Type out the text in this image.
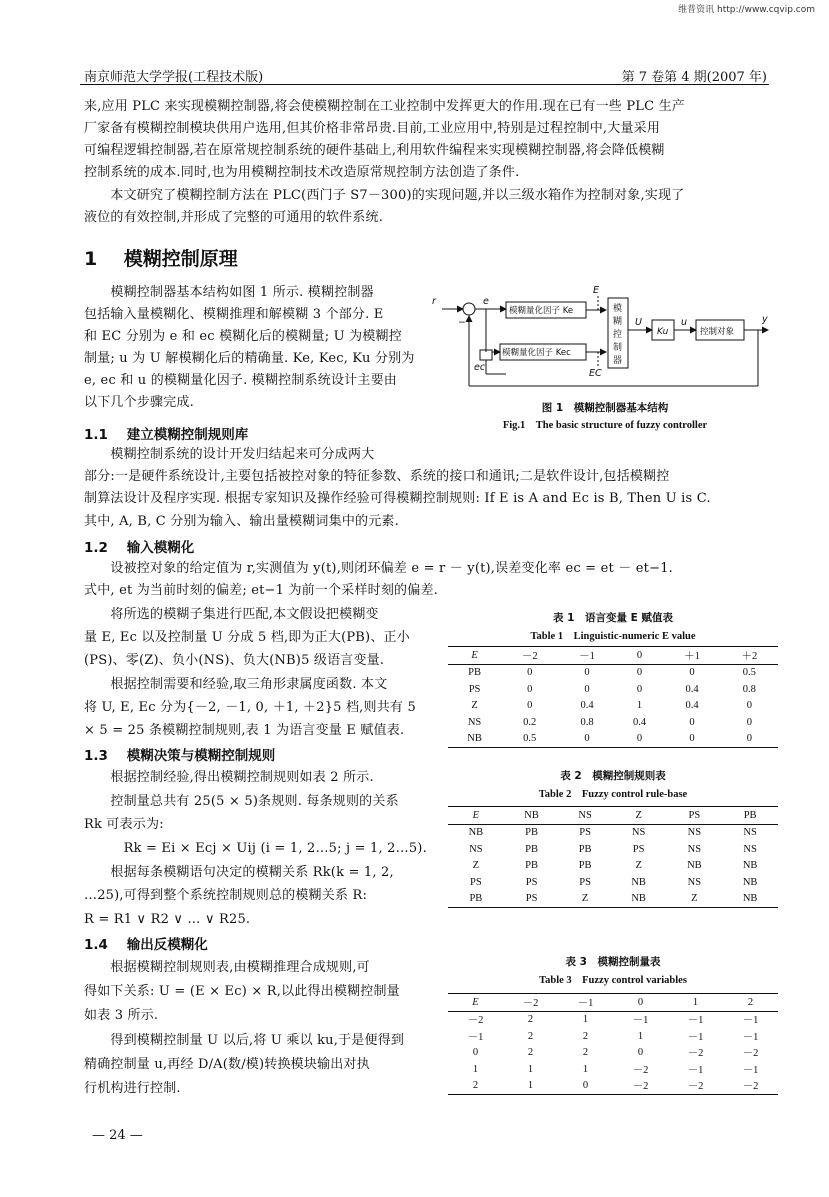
维普资讯 http://www.cqvip.com
南京师范大学学报(工程技术版)	第 7 卷第 4 期(2007 年)
来,应用 PLC 来实现模糊控制器,将会使模糊控制在工业控制中发挥更大的作用.现在已有一些 PLC 生产
厂家备有模糊控制模块供用户选用,但其价格非常昂贵.目前,工业应用中,特别是过程控制中,大量采用
可编程逻辑控制器,若在原常规控制系统的硬件基础上,利用软件编程来实现模糊控制器,将会降低模糊
控制系统的成本.同时,也为用模糊控制技术改造原常规控制方法创造了条件.
　　本文研究了模糊控制方法在 PLC(西门子 S7－300)的实现问题,并以三级水箱作为控制对象,实现了
液位的有效控制,并形成了完整的可通用的软件系统.
1 模糊控制原理
　　模糊控制器基本结构如图 1 所示. 模糊控制器
包括输入量模糊化、模糊推理和解模糊 3 个部分. E
和 EC 分别为 e 和 ec 模糊化后的模糊量; U 为模糊控
制量; u 为 U 解模糊化后的精确量. Ke, Kec, Ku 分别为
e, ec 和 u 的模糊量化因子. 模糊控制系统设计主要由
以下几个步骤完成.
r	e
−
ec
E
EC
U	u	y
模糊量化因子 Ke
模糊量化因子 Kec
Ku	控制对象
模
糊
控
制
器
图 1　模糊控制器基本结构
Fig.1　The basic structure of fuzzy controller
1.1 建立模糊控制规则库
　　模糊控制系统的设计开发归结起来可分成两大
部分:一是硬件系统设计,主要包括被控对象的特征参数、系统的接口和通讯;二是软件设计,包括模糊控
制算法设计及程序实现. 根据专家知识及操作经验可得模糊控制规则: If E is A and Ec is B, Then U is C.
其中, A, B, C 分别为输入、输出量模糊词集中的元素.
1.2 输入模糊化
　　设被控对象的给定值为 r,实测值为 y(t),则闭环偏差 e = r － y(t),误差变化率 ec = et － et−1.
式中, et 为当前时刻的偏差; et−1 为前一个采样时刻的偏差.
　　将所选的模糊子集进行匹配,本文假设把模糊变
量 E, Ec 以及控制量 U 分成 5 档,即为正大(PB)、正小
(PS)、零(Z)、负小(NS)、负大(NB)5 级语言变量.
　　根据控制需要和经验,取三角形隶属度函数. 本文
将 U, E, Ec 分为{－2, －1, 0, ＋1, ＋2}5 档,则共有 5
× 5 = 25 条模糊控制规则,表 1 为语言变量 E 赋值表.
1.3 模糊决策与模糊控制规则
　　根据控制经验,得出模糊控制规则如表 2 所示.
　　控制量总共有 25(5 × 5)条规则. 每条规则的关系
Rk 可表示为:
　　　Rk = Ei × Ecj × Uij (i = 1, 2…5; j = 1, 2…5).
　　根据每条模糊语句决定的模糊关系 Rk(k = 1, 2,
…25),可得到整个系统控制规则总的模糊关系 R:
R = R1 ∨ R2 ∨ … ∨ R25.
1.4 输出反模糊化
　　根据模糊控制规则表,由模糊推理合成规则,可
得如下关系: U = (E × Ec) × R,以此得出模糊控制量
如表 3 所示.
　　得到模糊控制量 U 以后,将 U 乘以 ku,于是便得到
精确控制量 u,再经 D/A(数/模)转换模块输出对执
行机构进行控制.
表 1　语言变量 E 赋值表
Table 1　Linguistic-numeric E value
E	－2	－1	0	＋1	＋2
PB	0	0	0	0	0.5
PS	0	0	0	0.4	0.8
Z	0	0.4	1	0.4	0
NS	0.2	0.8	0.4	0	0
NB	0.5	0	0	0	0
表 2　模糊控制规则表
Table 2　Fuzzy control rule-base
E	NB	NS	Z	PS	PB
NB	PB	PS	NS	NS	NS
NS	PB	PB	PS	NS	NS
Z	PB	PB	Z	NB	NB
PS	PS	PS	NB	NS	NB
PB	PS	Z	NB	Z	NB
表 3　模糊控制量表
Table 3　Fuzzy control variables
E	－2	－1	0	1	2
－2	2	1	－1	－1	－1
－1	2	2	1	－1	－1
0	2	2	0	－2	－2
1	1	1	－2	－1	－1
2	1	0	－2	－2	－2
— 24 —
